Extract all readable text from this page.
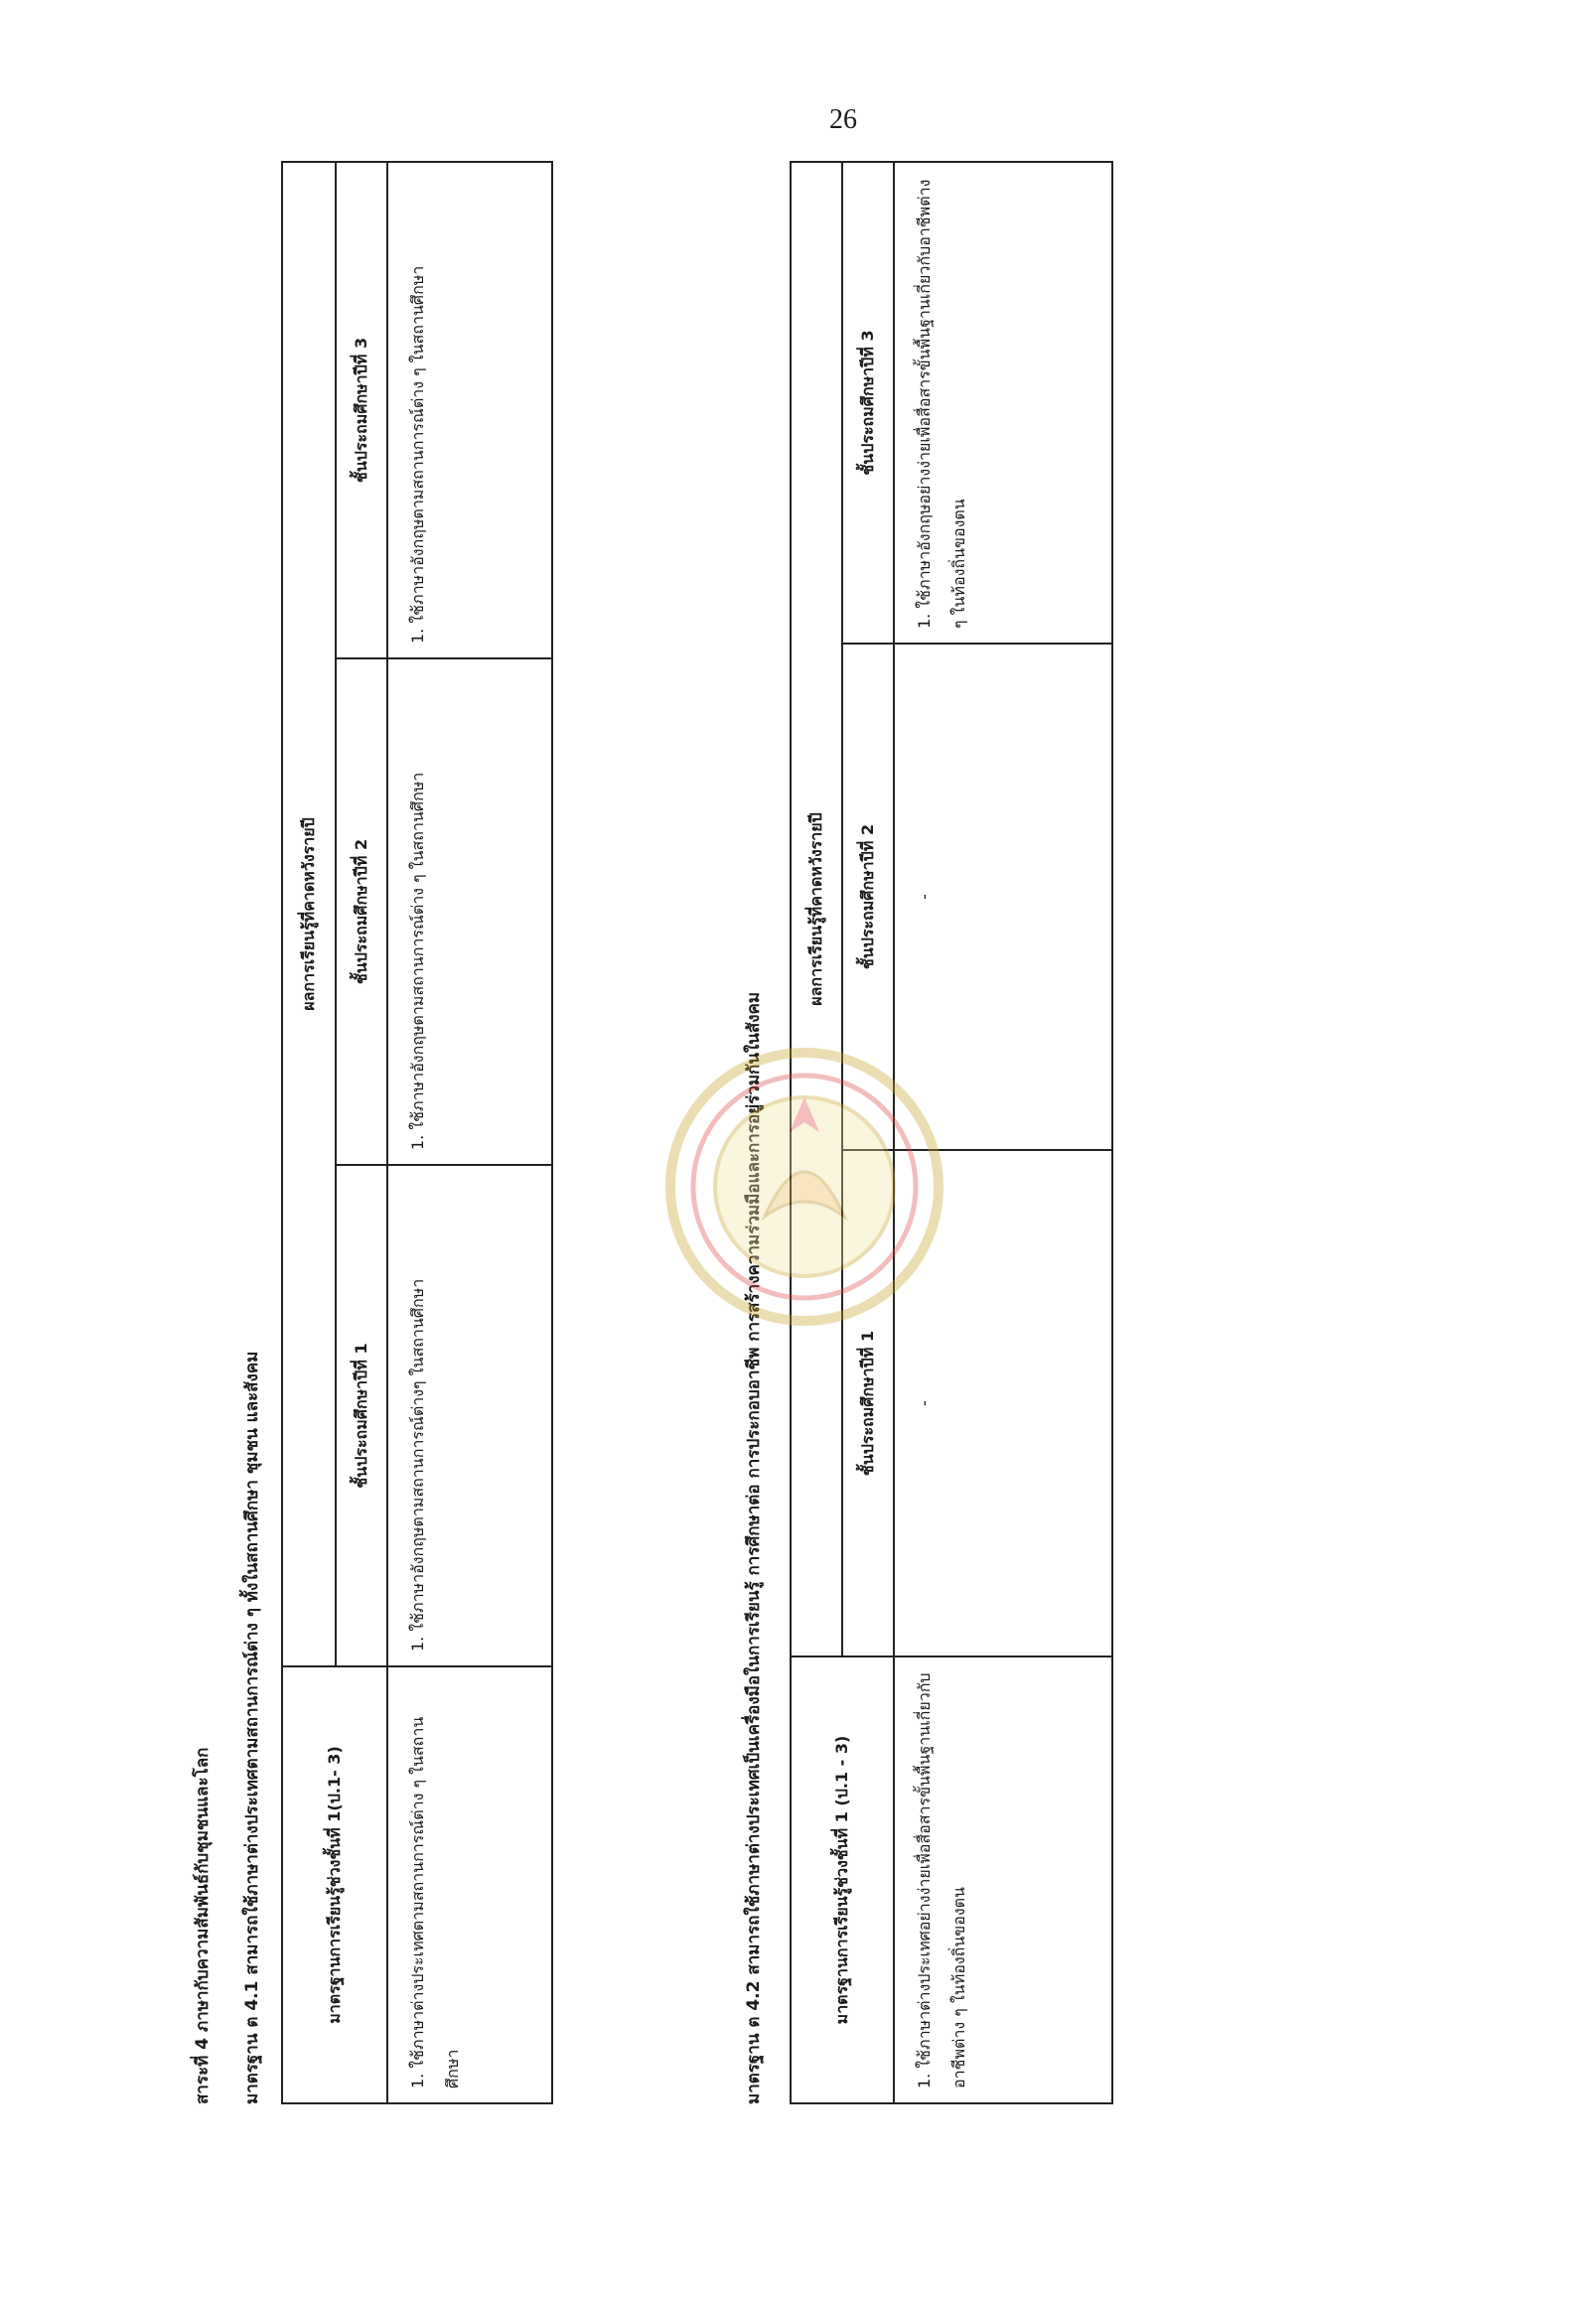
26
สาระที่ 4 ภาษากับความสัมพันธ์กับชุมชนและโลก มาตรฐาน ต 4.1 สามารถใช้ภาษาต่างประเทศตามสถานการณ์ต่าง ๆ ทั้งในสถานศึกษา ชุมชน และสังคม	มาตรฐานการเรียนรู้ช่วงชั้นที่ 1(ป.1- 3)	ผลการเรียนรู้ที่คาดหวังรายปี		
	ชั้นประถมศึกษาปีที่ 1	ชั้นประถมศึกษาปีที่ 2	ชั้นประถมศึกษาปีที่ 3
1. ใช้ภาษาต่างประเทศตามสถานการณ์ต่าง ๆ ในสถานศึกษา	1. ใช้ภาษาอังกฤษตามสถานการณ์ต่างๆ ในสถานศึกษา	1. ใช้ภาษาอังกฤษตามสถานการณ์ต่าง ๆ ในสถานศึกษา	1. ใช้ภาษาอังกฤษตามสถานการณ์ต่าง ๆ ในสถานศึกษา
มาตรฐาน ต 4.2 สามารถใช้ภาษาต่างประเทศเป็นเครื่องมือในการเรียนรู้ การศึกษาต่อ การประกอบอาชีพ การสร้างความร่วมมือและการอยู่ร่วมกันในสังคม	มาตรฐานการเรียนรู้ช่วงชั้นที่ 1 (ป.1 - 3)	ผลการเรียนรู้ที่คาดหวังรายปี		
	ชั้นประถมศึกษาปีที่ 1	ชั้นประถมศึกษาปีที่ 2	ชั้นประถมศึกษาปีที่ 3
1. ใช้ภาษาต่างประเทศอย่างง่ายเพื่อสื่อสารขั้นพื้นฐานเกี่ยวกับอาชีพต่าง ๆ ในท้องถิ่นของตน	-	-	1. ใช้ภาษาอังกฤษอย่างง่ายเพื่อสื่อสารขั้นพื้นฐานเกี่ยวกับอาชีพต่าง ๆ ในท้องถิ่นของตน
